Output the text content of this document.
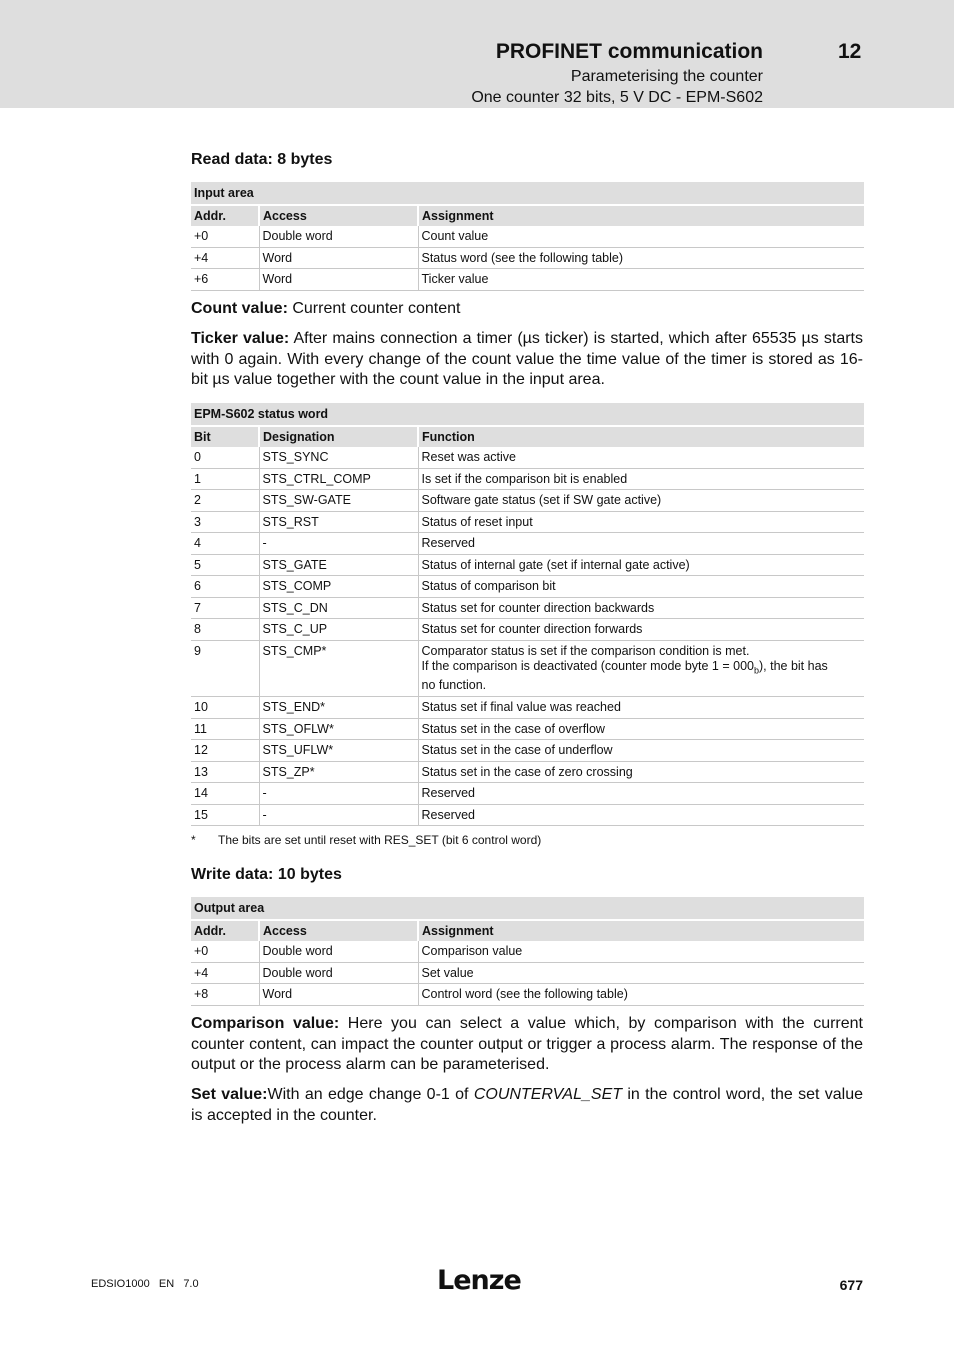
PROFINET communication	12
Parameterising the counter
One counter 32 bits, 5 V DC - EPM-S602
Read data: 8 bytes
Input area		
Addr.	Access	Assignment
+0	Double word	Count value
+4	Word	Status word (see the following table)
+6	Word	Ticker value

Count value: Current counter content

Ticker value: After mains connection a timer (µs ticker) is started, which after 65535 µs starts with 0 again. With every change of the count value the time value of the timer is stored as 16-bit µs value together with the count value in the input area.

EPM-S602 status word		
Bit	Designation	Function
0	STS_SYNC	Reset was active
1	STS_CTRL_COMP	Is set if the comparison bit is enabled
2	STS_SW-GATE	Software gate status (set if SW gate active)
3	STS_RST	Status of reset input
4	-	Reserved
5	STS_GATE	Status of internal gate (set if internal gate active)
6	STS_COMP	Status of comparison bit
7	STS_C_DN	Status set for counter direction backwards
8	STS_C_UP	Status set for counter direction forwards
9	STS_CMP*	Comparator status is set if the comparison condition is met.
If the comparison is deactivated (counter mode byte $1 = 000_b$), the bit has
no function.
10	STS_END*	Status set if final value was reached
11	STS_OFLW*	Status set in the case of overflow
12	STS_UFLW*	Status set in the case of underflow
13	STS_ZP*	Status set in the case of zero crossing
14	-	Reserved
15	-	Reserved
* The bits are set until reset with RES_SET (bit 6 control word)
Write data: 10 bytes
Output area		
Addr.	Access	Assignment
+0	Double word	Comparison value
+4	Double word	Set value
+8	Word	Control word (see the following table)

Comparison value: Here you can select a value which, by comparison with the current counter content, can impact the counter output or trigger a process alarm. The response of the output or the process alarm can be parameterised.

Set value:With an edge change 0-1 of COUNTERVAL_SET in the control word, the set value is accepted in the counter.

EDSIO1000   EN   7.0	Lenze	677
